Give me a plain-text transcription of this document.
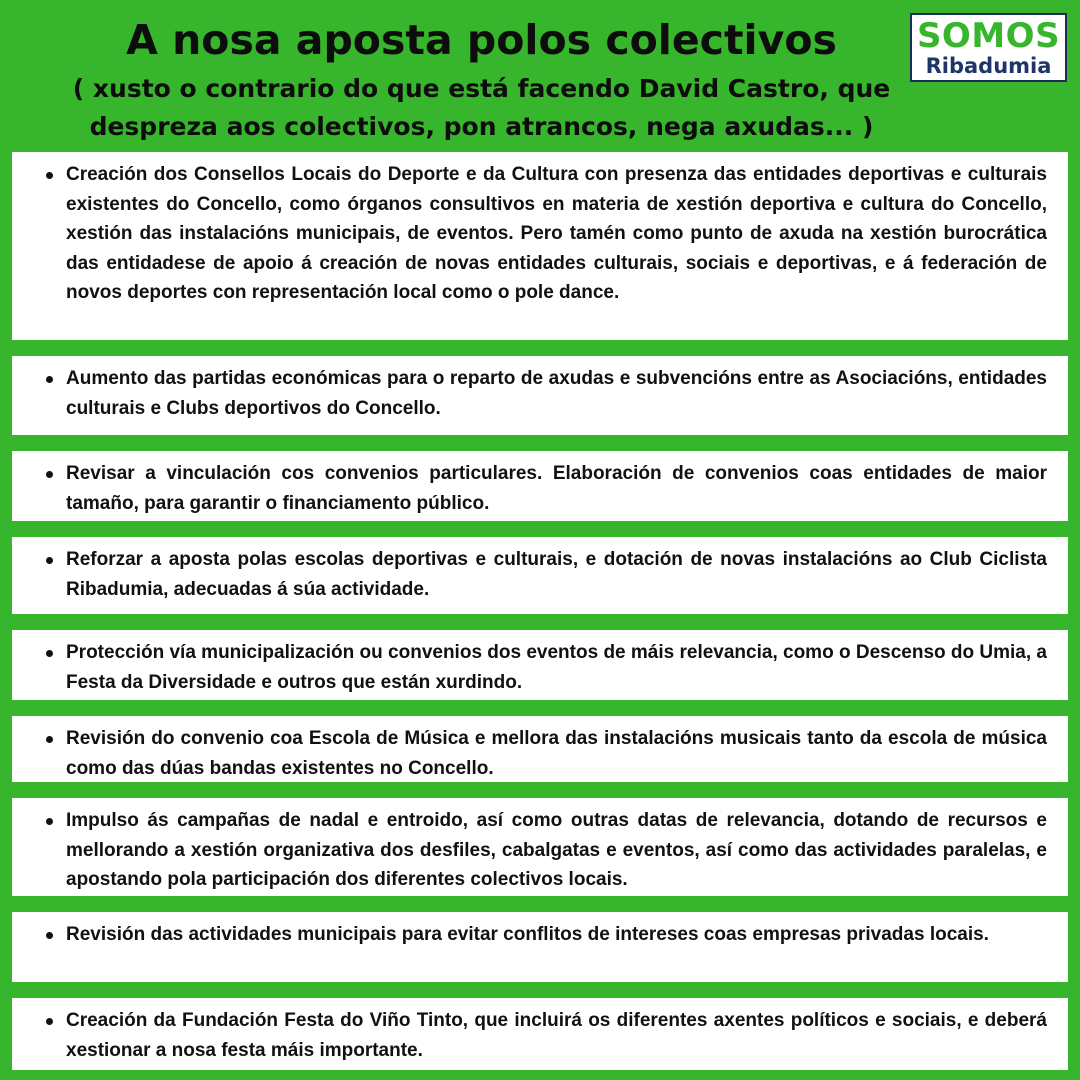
A nosa aposta polos colectivos
( xusto o contrario do que está facendo David Castro, que
despreza aos colectivos, pon atrancos, nega axudas... )
SOMOS
Ribadumia
Creación dos Consellos Locais do Deporte e da Cultura con presenza das entidades deportivas e culturais existentes do Concello, como órganos consultivos en materia de xestión deportiva e cultura do Concello, xestión das instalacións municipais, de eventos. Pero tamén como punto de axuda na xestión burocrática das entidadese de apoio á creación de novas entidades culturais, sociais e deportivas, e á federación de novos deportes con representación local como o pole dance.
Aumento das partidas económicas para o reparto de axudas e subvencións entre as Asociacións, entidades culturais e Clubs deportivos do Concello.
Revisar a vinculación cos convenios particulares. Elaboración de convenios coas entidades de maior tamaño, para garantir o financiamento público.
Reforzar a aposta polas escolas deportivas e culturais, e dotación de novas instalacións ao Club Ciclista Ribadumia, adecuadas á súa actividade.
Protección vía municipalización ou convenios dos eventos de máis relevancia, como o Descenso do Umia, a Festa da Diversidade e outros que están xurdindo.
Revisión do convenio coa Escola de Música e mellora das instalacións musicais tanto da escola de música como das dúas bandas existentes no Concello.
Impulso ás campañas de nadal e entroido, así como outras datas de relevancia, dotando de recursos e mellorando a xestión organizativa dos desfiles, cabalgatas e eventos, así como das actividades paralelas, e apostando pola participación dos diferentes colectivos locais.
Revisión das actividades municipais para evitar conflitos de intereses coas empresas privadas locais.
Creación da Fundación Festa do Viño Tinto, que incluirá os diferentes axentes políticos e sociais, e deberá xestionar a nosa festa máis importante.
